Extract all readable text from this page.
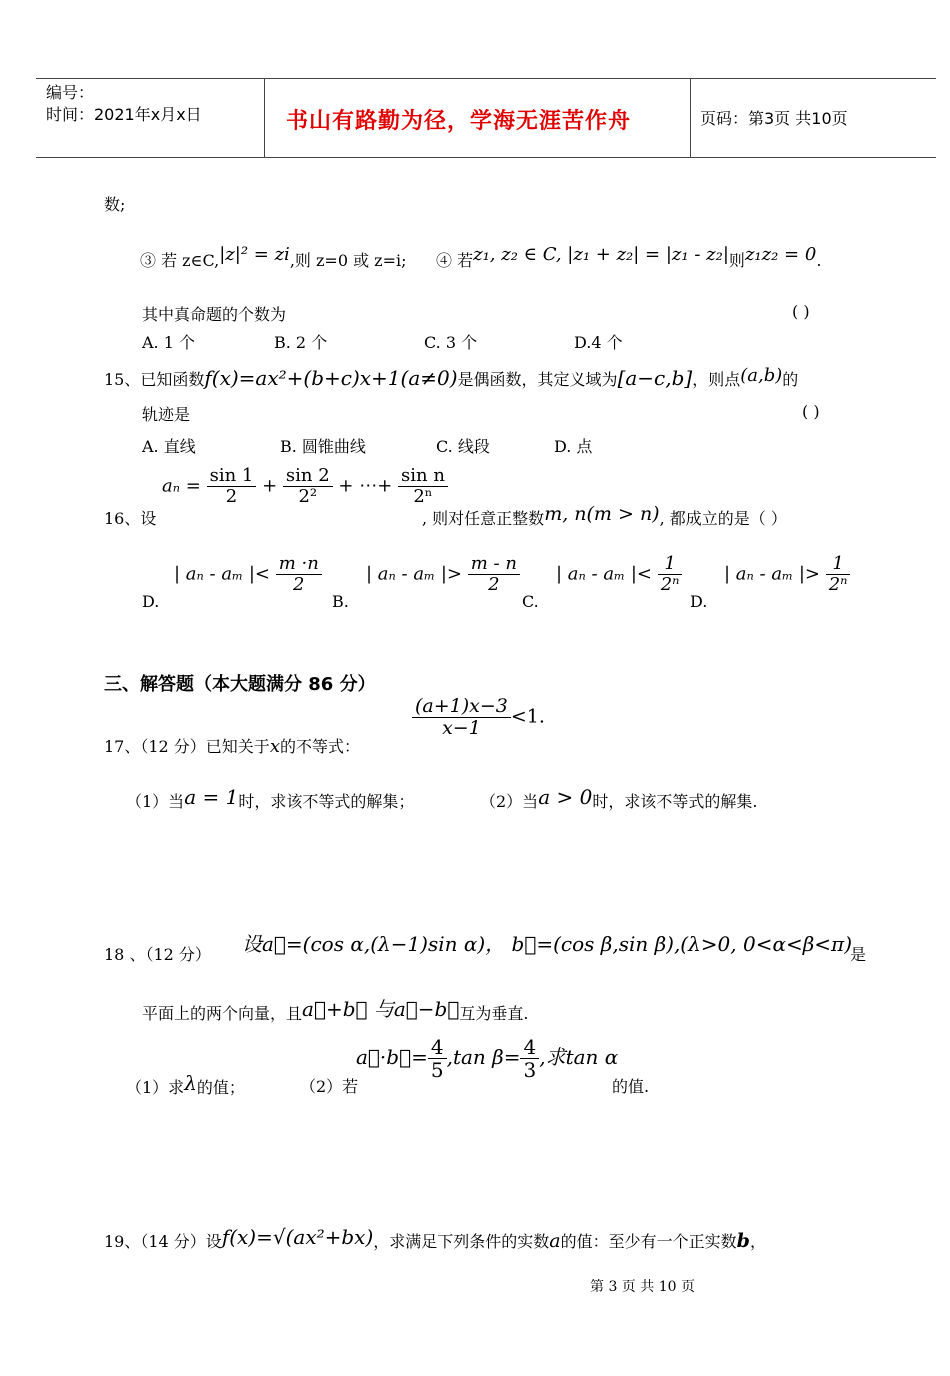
编号：
时间：2021年x月x日	书山有路勤为径，学海无涯苦作舟	页码：第3页 共10页
数;
③ 若 z∈C,|z|² = zi,则 z=0 或 z=i; ④ 若z₁, z₂ ∈ C, |z₁ + z₂| = |z₁ - z₂|则z₁z₂ = 0.
其中真命题的个数为	( )
A. 1 个	B. 2 个	C. 3 个	D.4 个
15、已知函数f(x)=ax²+(b+c)x+1(a≠0)是偶函数，其定义域为[a−c,b]，则点(a,b)的
轨迹是	( )
A. 直线	B. 圆锥曲线	C. 线段	D. 点
16、设
$a_n = \frac{\sin 1}{2} + \frac{\sin 2}{\text{2²}}$ + ⋯+ $\frac{\text{sin n}}{\text{2ⁿ}}$
, 则对任意正整数m, n(m > n), 都成立的是（ ）
D.
| aₙ - aₘ |< $\frac{m \cdot n}{2}$
B.
| aₙ - aₘ |> $\frac{m - n}{2}$
C.
| aₙ - aₘ |< $\frac{1}{\text{2ⁿ}}$
D.
| aₙ - aₘ |> $\frac{1}{\text{2ⁿ}}$
三、解答题（本大题满分 86 分）
17、（12 分）已知关于x的不等式：
$\frac{(a+1)x-3}{x-1} <1$.
（1）当a = 1时，求该不等式的解集；	（2）当a > 0时，求该不等式的解集.
18 、（12 分） 设a⃗=(cos α,(λ−1)sin α)， b⃗=(cos β,sin β),(λ>0, 0<α<β<π)
是
平面上的两个向量，且a⃗+b⃗ 与a⃗−b⃗互为垂直.
（1）求λ的值；	（2）若
a⃗·b⃗= $\frac{4}{5} ,\tan$ $\beta= \frac{4}{3}$ ,求tan α
的值.
19、（14 分）设f(x)=√(ax²+bx)，求满足下列条件的实数a的值：至少有一个正实数b，
第 3 页 共 10 页
